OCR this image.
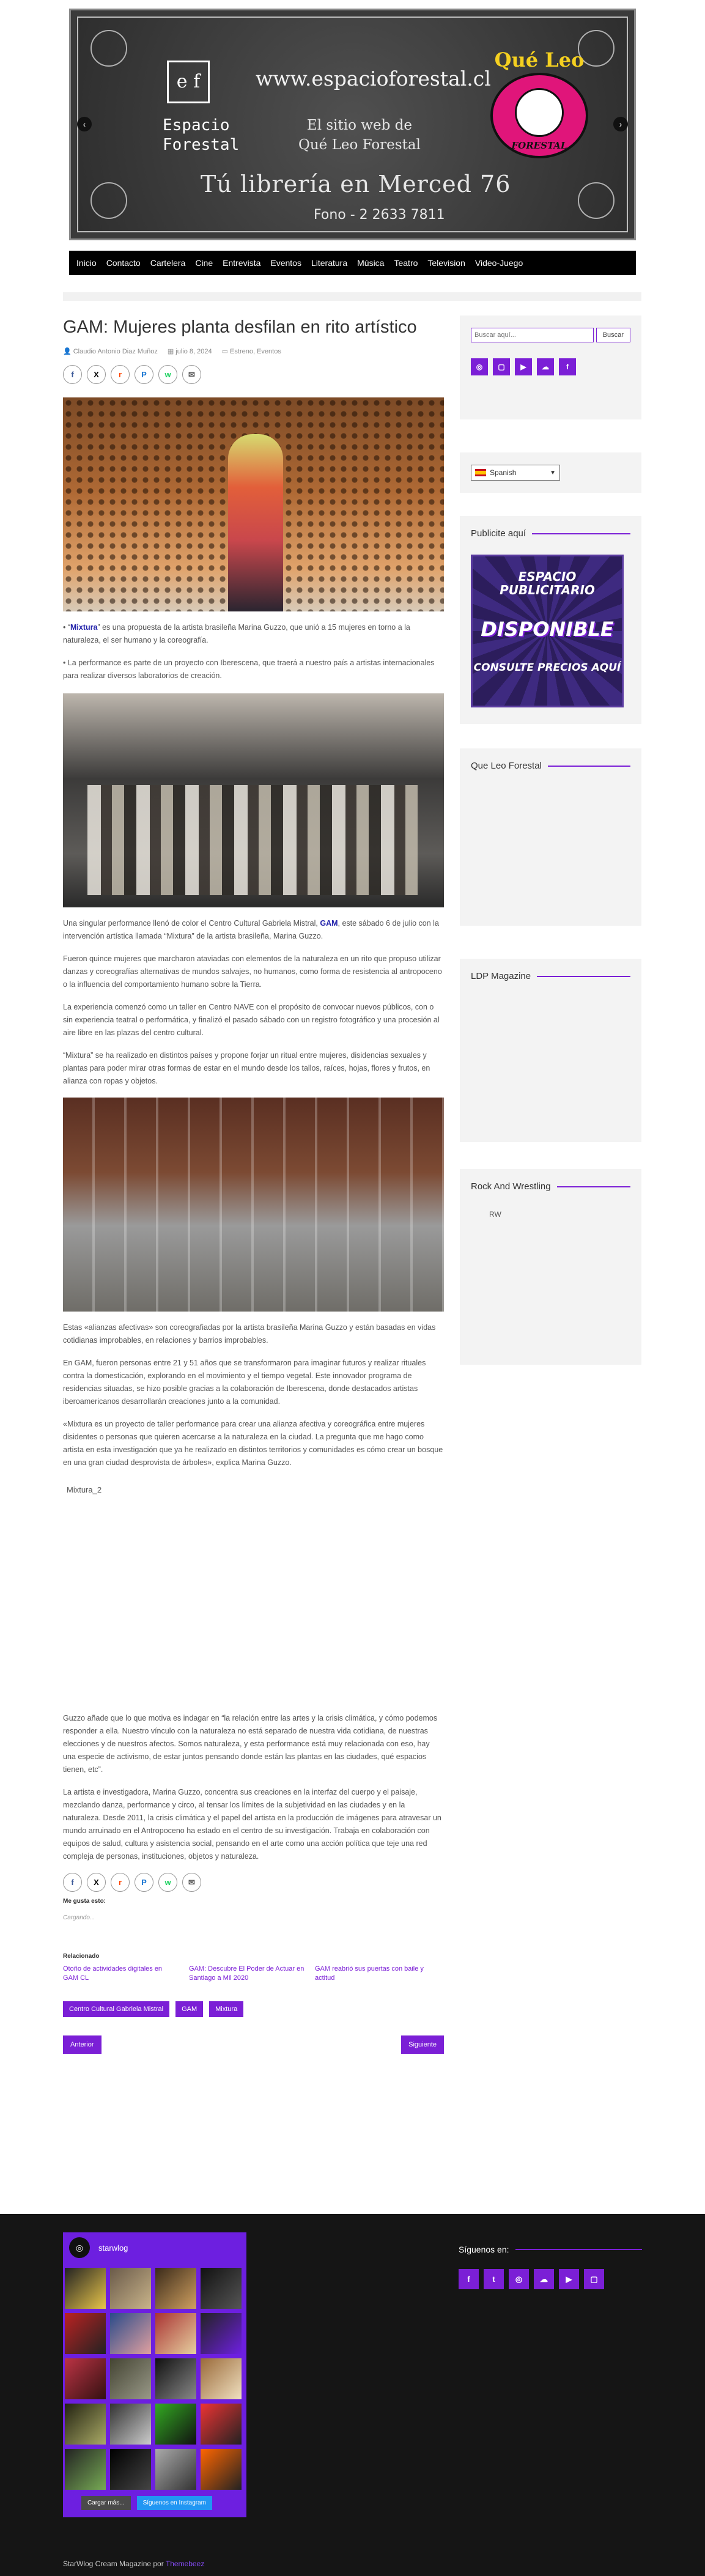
e f
Espacio
Forestal
www.espacioforestal.cl
El sitio web de
Qué Leo Forestal
Tú librería en Merced 76
Fono - 2 2633 7811
Qué Leo
FORESTAL
‹	›
Inicio Contacto Cartelera Cine Entrevista Eventos Literatura Música Teatro Television Video-Juego
GAM: Mujeres planta desfilan en rito artístico
👤 Claudio Antonio Diaz Muñoz ▦ julio 8, 2024 ▭ Estreno, Eventos
f	X	r	P	w	✉

• “Mixtura” es una propuesta de la artista brasileña Marina Guzzo, que unió a 15 mujeres en torno a la naturaleza, el ser humano y la coreografía.

• La performance es parte de un proyecto con Iberescena, que traerá a nuestro país a artistas internacionales para realizar diversos laboratorios de creación.

Una singular performance llenó de color el Centro Cultural Gabriela Mistral, GAM, este sábado 6 de julio con la intervención artística llamada “Mixtura” de la artista brasileña, Marina Guzzo.

Fueron quince mujeres que marcharon ataviadas con elementos de la naturaleza en un rito que propuso utilizar danzas y coreografías alternativas de mundos salvajes, no humanos, como forma de resistencia al antropoceno o la influencia del comportamiento humano sobre la Tierra.

La experiencia comenzó como un taller en Centro NAVE con el propósito de convocar nuevos públicos, con o sin experiencia teatral o performática, y finalizó el pasado sábado con un registro fotográfico y una procesión al aire libre en las plazas del centro cultural.

“Mixtura” se ha realizado en distintos países y propone forjar un ritual entre mujeres, disidencias sexuales y plantas para poder mirar otras formas de estar en el mundo desde los tallos, raíces, hojas, flores y frutos, en alianza con ropas y objetos.

Estas «alianzas afectivas» son coreografiadas por la artista brasileña Marina Guzzo y están basadas en vidas cotidianas improbables, en relaciones y barrios improbables.

En GAM, fueron personas entre 21 y 51 años que se transformaron para imaginar futuros y realizar rituales contra la domesticación, explorando en el movimiento y el tiempo vegetal. Este innovador programa de residencias situadas, se hizo posible gracias a la colaboración de Iberescena, donde destacados artistas iberoamericanos desarrollarán creaciones junto a la comunidad.

«Mixtura es un proyecto de taller performance para crear una alianza afectiva y coreográfica entre mujeres disidentes o personas que quieren acercarse a la naturaleza en la ciudad. La pregunta que me hago como artista en esta investigación que ya he realizado en distintos territorios y comunidades es cómo crear un bosque en una gran ciudad desprovista de árboles», explica Marina Guzzo.

Mixtura_2

Guzzo añade que lo que motiva es indagar en “la relación entre las artes y la crisis climática, y cómo podemos responder a ella. Nuestro vínculo con la naturaleza no está separado de nuestra vida cotidiana, de nuestras elecciones y de nuestros afectos. Somos naturaleza, y esta performance está muy relacionada con eso, hay una especie de activismo, de estar juntos pensando donde están las plantas en las ciudades, qué espacios tienen, etc”.

La artista e investigadora, Marina Guzzo, concentra sus creaciones en la interfaz del cuerpo y el paisaje, mezclando danza, performance y circo, al tensar los límites de la subjetividad en las ciudades y en la naturaleza. Desde 2011, la crisis climática y el papel del artista en la producción de imágenes para atravesar un mundo arruinado en el Antropoceno ha estado en el centro de su investigación. Trabaja en colaboración con equipos de salud, cultura y asistencia social, pensando en el arte como una acción política que teje una red compleja de personas, instituciones, objetos y naturaleza.

f	X	r	P	w	✉
Me gusta esto:
Cargando...
Relacionado
Otoño de actividades digitales en GAM CL
GAM: Descubre El Poder de Actuar en Santiago a Mil 2020
GAM reabrió sus puertas con baile y actitud
Centro Cultural Gabriela Mistral	GAM	Mixtura
Anterior	Siguiente
Buscar aquí...
Buscar
◎	▢	▶	☁	f
Spanish	▼
Publicite aquí
ESPACIO PUBLICITARIO
DISPONIBLE
CONSULTE PRECIOS AQUÍ
Que Leo Forestal
LDP Magazine
Rock And Wrestling
RW
◎	starwlog
Cargar más...	Síguenos en Instagram
Síguenos en:
f	t	◎	☁	▶	▢
StarWlog Cream Magazine por Themebeez
